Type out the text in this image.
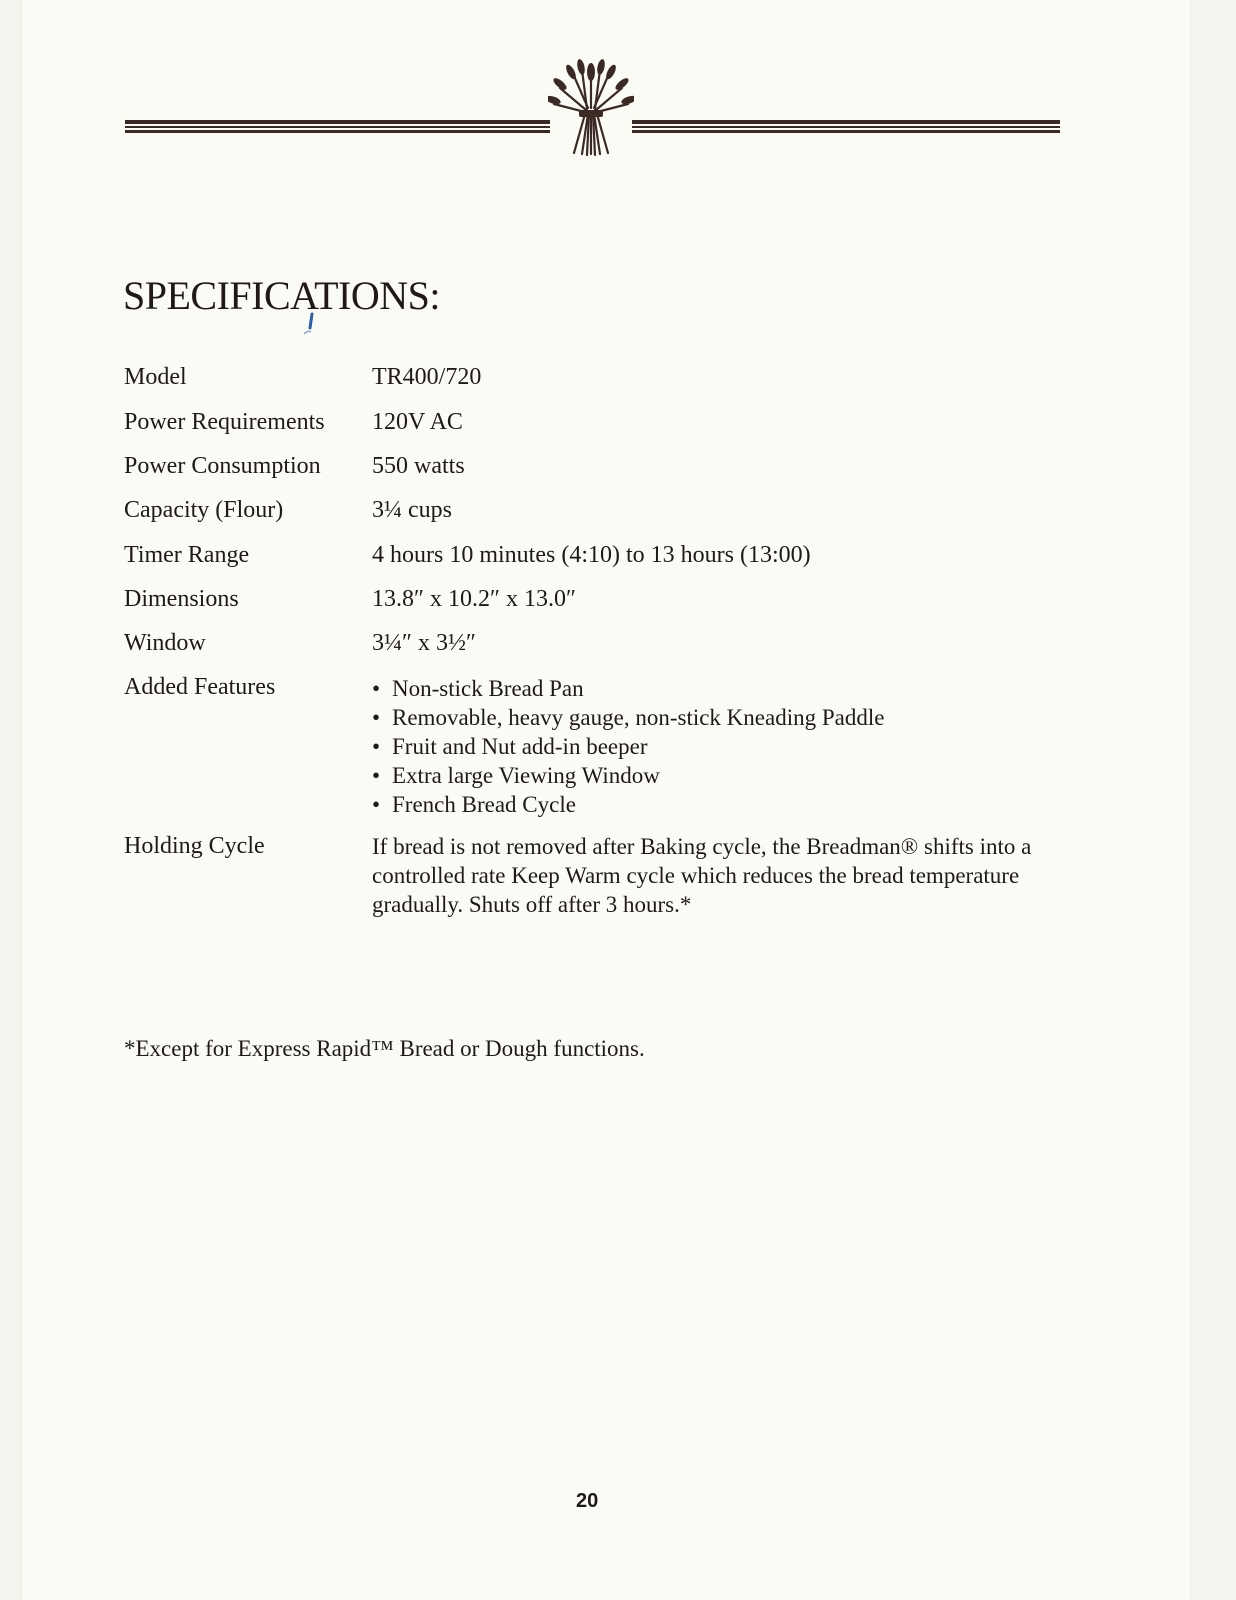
SPECIFICATIONS:
Model	TR400/720
Power Requirements 120V AC
Power Consumption 550 watts
Capacity (Flour)	3¼ cups
Timer Range	4 hours 10 minutes (4:10) to 13 hours (13:00)
Dimensions	13.8″ x 10.2″ x 13.0″
Window	3¼″ x 3½″
Added Features	• Non-stick Bread Pan
• Removable, heavy gauge, non-stick Kneading Paddle
• Fruit and Nut add-in beeper
• Extra large Viewing Window
• French Bread Cycle
Holding Cycle	If bread is not removed after Baking cycle, the Breadman® shifts into a controlled rate Keep Warm cycle which reduces the bread temperature gradually. Shuts off after 3 hours.*

*Except for Express Rapid™ Bread or Dough functions.

20
